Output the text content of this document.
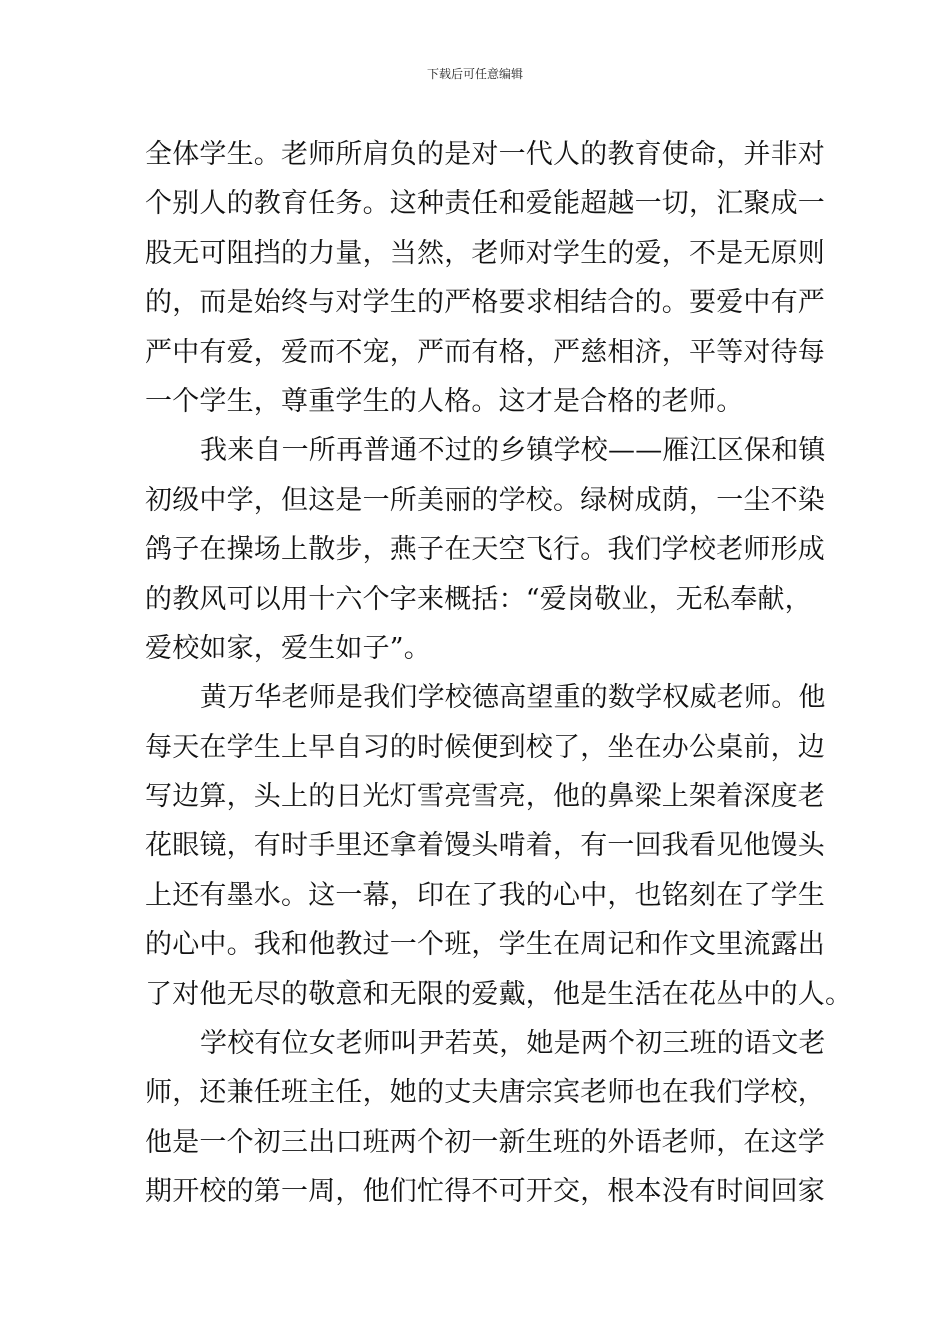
下载后可任意编辑
全体学生。老师所肩负的是对一代人的教育使命，并非对
个别人的教育任务。这种责任和爱能超越一切，汇聚成一
股无可阻挡的力量，当然，老师对学生的爱，不是无原则
的，而是始终与对学生的严格要求相结合的。要爱中有严
严中有爱，爱而不宠，严而有格，严慈相济，平等对待每
一个学生，尊重学生的人格。这才是合格的老师。
我来自一所再普通不过的乡镇学校——雁江区保和镇
初级中学，但这是一所美丽的学校。绿树成荫，一尘不染
鸽子在操场上散步，燕子在天空飞行。我们学校老师形成
的教风可以用十六个字来概括：“爱岗敬业，无私奉献，
爱校如家，爱生如子”。
黄万华老师是我们学校德高望重的数学权威老师。他
每天在学生上早自习的时候便到校了，坐在办公桌前，边
写边算，头上的日光灯雪亮雪亮，他的鼻梁上架着深度老
花眼镜，有时手里还拿着馒头啃着，有一回我看见他馒头
上还有墨水。这一幕，印在了我的心中，也铭刻在了学生
的心中。我和他教过一个班，学生在周记和作文里流露出
了对他无尽的敬意和无限的爱戴，他是生活在花丛中的人。
学校有位女老师叫尹若英，她是两个初三班的语文老
师，还兼任班主任，她的丈夫唐宗宾老师也在我们学校，
他是一个初三出口班两个初一新生班的外语老师，在这学
期开校的第一周，他们忙得不可开交，根本没有时间回家
